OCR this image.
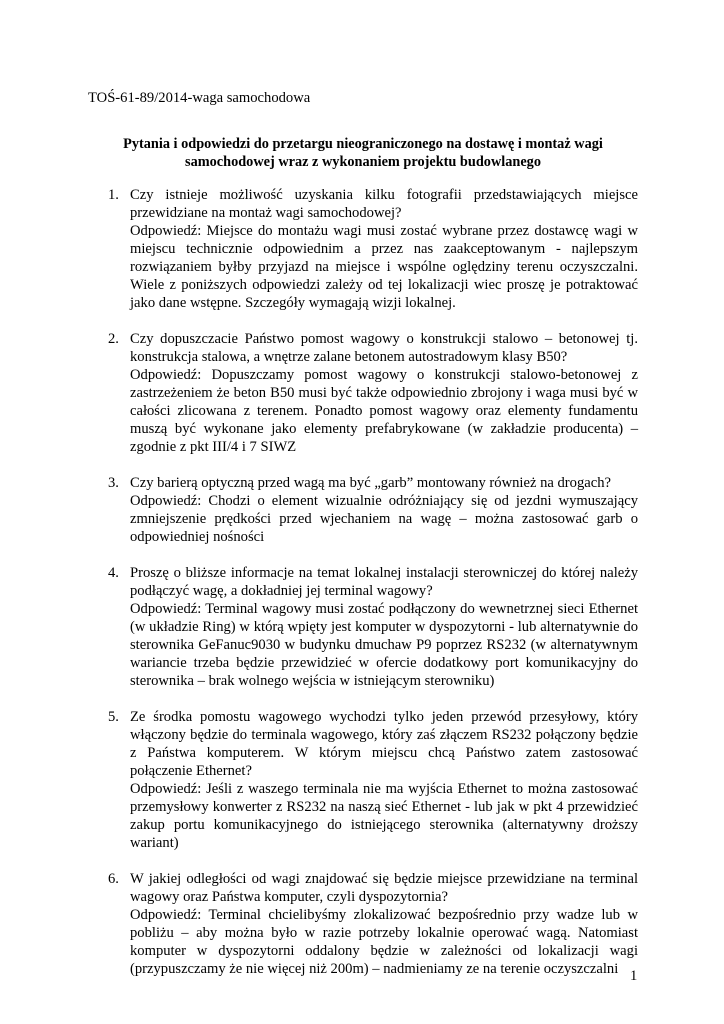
TOŚ-61-89/2014-waga samochodowa
Pytania i odpowiedzi do przetargu nieograniczonego na dostawę i montaż wagi samochodowej wraz z wykonaniem projektu budowlanego
1. Czy istnieje możliwość uzyskania kilku fotografii przedstawiających miejsce przewidziane na montaż wagi samochodowej?

Odpowiedź: Miejsce do montażu wagi musi zostać wybrane przez dostawcę wagi w miejscu technicznie odpowiednim a przez nas zaakceptowanym - najlepszym rozwiązaniem byłby przyjazd na miejsce i wspólne oględziny terenu oczyszczalni. Wiele z poniższych odpowiedzi zależy od tej lokalizacji wiec proszę je potraktować jako dane wstępne. Szczegóły wymagają wizji lokalnej.

2. Czy dopuszczacie Państwo pomost wagowy o konstrukcji stalowo – betonowej tj. konstrukcja stalowa, a wnętrze zalane betonem autostradowym klasy B50?

Odpowiedź: Dopuszczamy pomost wagowy o konstrukcji stalowo-betonowej z zastrzeżeniem że beton B50 musi być także odpowiednio zbrojony i waga musi być w całości zlicowana z terenem. Ponadto pomost wagowy oraz elementy fundamentu muszą być wykonane jako elementy prefabrykowane (w zakładzie producenta) – zgodnie z pkt III/4 i 7 SIWZ

3. Czy barierą optyczną przed wagą ma być „garb” montowany również na drogach?

Odpowiedź: Chodzi o element wizualnie odróżniający się od jezdni wymuszający zmniejszenie prędkości przed wjechaniem na wagę – można zastosować garb o odpowiedniej nośności

4. Proszę o bliższe informacje na temat lokalnej instalacji sterowniczej do której należy podłączyć wagę, a dokładniej jej terminal wagowy?

Odpowiedź: Terminal wagowy musi zostać podłączony do wewnetrznej sieci Ethernet (w układzie Ring) w którą wpięty jest komputer w dyspozytorni - lub alternatywnie do sterownika GeFanuc9030 w budynku dmuchaw P9 poprzez RS232 (w alternatywnym wariancie trzeba będzie przewidzieć w ofercie dodatkowy port komunikacyjny do sterownika – brak wolnego wejścia w istniejącym sterowniku)

5. Ze środka pomostu wagowego wychodzi tylko jeden przewód przesyłowy, który włączony będzie do terminala wagowego, który zaś złączem RS232 połączony będzie z Państwa komputerem. W którym miejscu chcą Państwo zatem zastosować połączenie Ethernet?

Odpowiedź: Jeśli z waszego terminala nie ma wyjścia Ethernet to można zastosować przemysłowy konwerter z RS232 na naszą sieć Ethernet - lub jak w pkt 4 przewidzieć zakup portu komunikacyjnego do istniejącego sterownika (alternatywny droższy wariant)

6. W jakiej odległości od wagi znajdować się będzie miejsce przewidziane na terminal wagowy oraz Państwa komputer, czyli dyspozytornia?

Odpowiedź: Terminal chcielibyśmy zlokalizować bezpośrednio przy wadze lub w pobliżu – aby można było w razie potrzeby lokalnie operować wagą. Natomiast komputer w dyspozytorni oddalony będzie w zależności od lokalizacji wagi (przypuszczamy że nie więcej niż 200m) – nadmieniamy ze na terenie oczyszczalni 1
